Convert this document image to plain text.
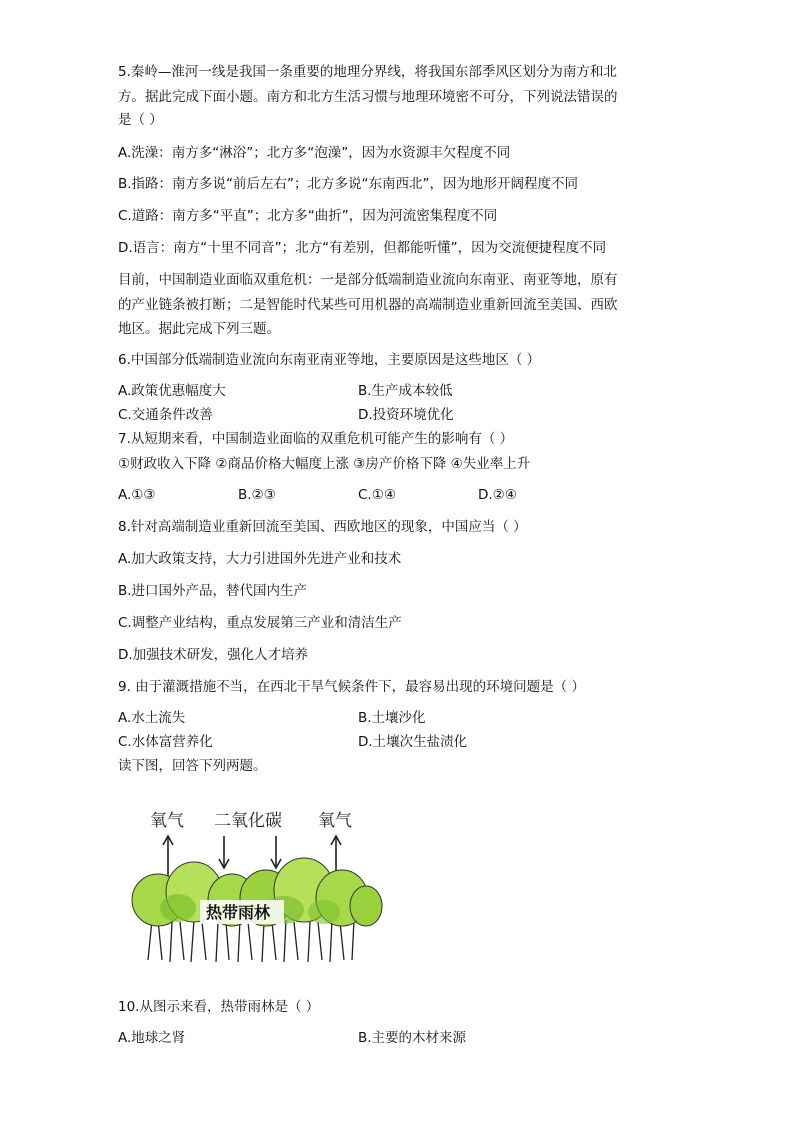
5.秦岭—淮河一线是我国一条重要的地理分界线，将我国东部季风区划分为南方和北
方。据此完成下面小题。南方和北方生活习惯与地理环境密不可分，下列说法错误的
是（ ）
A.洗澡：南方多“淋浴”；北方多“泡澡”，因为水资源丰欠程度不同
B.指路：南方多说“前后左右”；北方多说“东南西北”，因为地形开阔程度不同
C.道路：南方多“平直”；北方多“曲折”，因为河流密集程度不同
D.语言：南方“十里不同音”；北方“有差别，但都能听懂”，因为交流便捷程度不同
目前，中国制造业面临双重危机：一是部分低端制造业流向东南亚、南亚等地，原有
的产业链条被打断；二是智能时代某些可用机器的高端制造业重新回流至美国、西欧
地区。据此完成下列三题。
6.中国部分低端制造业流向东南亚南亚等地，主要原因是这些地区（ ）
A.政策优惠幅度大	B.生产成本较低
C.交通条件改善	D.投资环境优化
7.从短期来看，中国制造业面临的双重危机可能产生的影响有（ ）
①财政收入下降 ②商品价格大幅度上涨 ③房产价格下降 ④失业率上升
A.①③	B.②③	C.①④	D.②④
8.针对高端制造业重新回流至美国、西欧地区的现象，中国应当（ ）
A.加大政策支持，大力引进国外先进产业和技术
B.进口国外产品，替代国内生产
C.调整产业结构，重点发展第三产业和清洁生产
D.加强技术研发，强化人才培养
9. 由于灌溉措施不当，在西北干旱气候条件下，最容易出现的环境问题是（ ）
A.水土流失	B.土壤沙化
C.水体富营养化	D.土壤次生盐渍化
读下图，回答下列两题。
氧气 二氧化碳 氧气
热带雨林
10.从图示来看，热带雨林是（ ）
A.地球之肾	B.主要的木材来源
